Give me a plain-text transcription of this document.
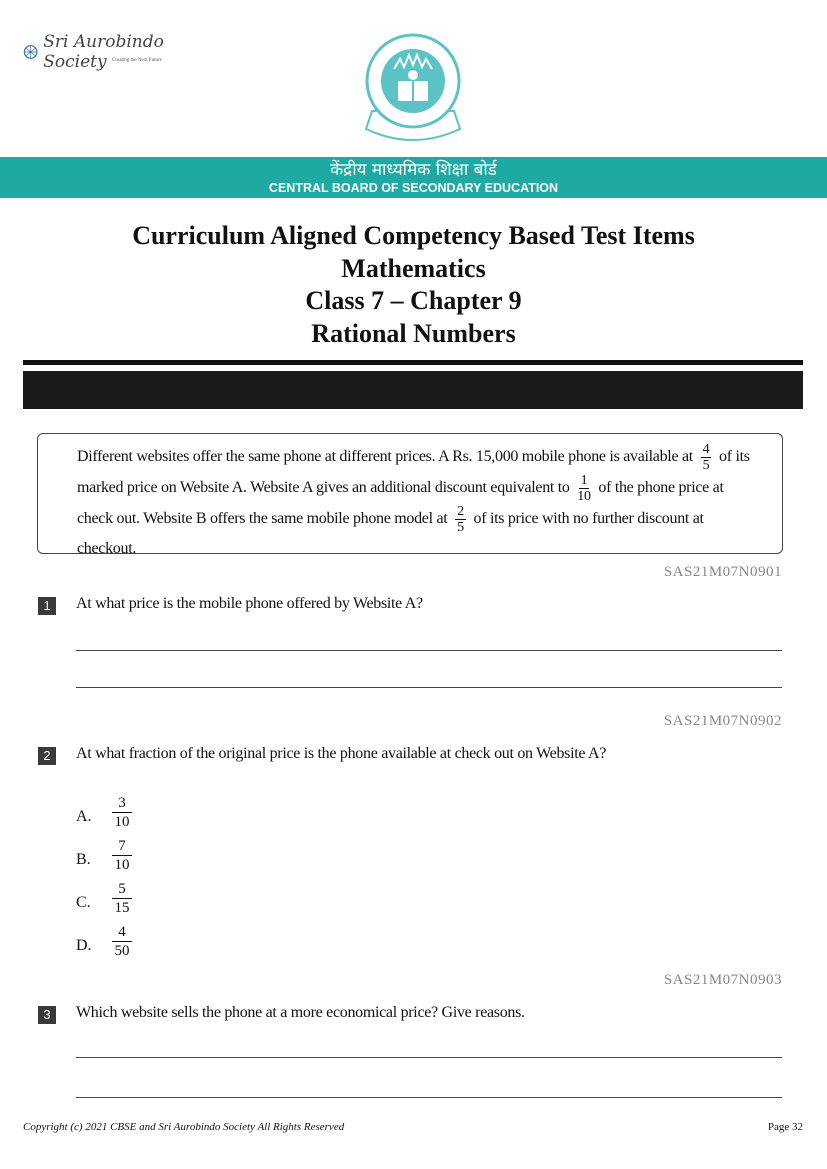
Sri Aurobindo Society	Creating the Next Future
केंद्रीय माध्यमिक शिक्षा बोर्ड
CENTRAL BOARD OF SECONDARY EDUCATION
Curriculum Aligned Competency Based Test Items
Mathematics
Class 7 – Chapter 9
Rational Numbers
Different websites offer the same phone at different prices. A Rs. 15,000 mobile phone is available at $\frac{4}{5}$ of its marked price on Website A. Website A gives an additional discount equivalent to $\frac{1}{10}$ of the phone price at check out. Website B offers the same mobile phone model at $\frac{2}{5}$ of its price with no further discount at checkout.
SAS21M07N0901
1	At what price is the mobile phone offered by Website A?
SAS21M07N0902
2	At what fraction of the original price is the phone available at check out on Website A?
A. $\frac{3}{10}$
B. $\frac{7}{10}$
C. $\frac{5}{15}$
D. $\frac{4}{50}$
SAS21M07N0903
3	Which website sells the phone at a more economical price? Give reasons.
Copyright (c) 2021 CBSE and Sri Aurobindo Society All Rights Reserved	Page 32
